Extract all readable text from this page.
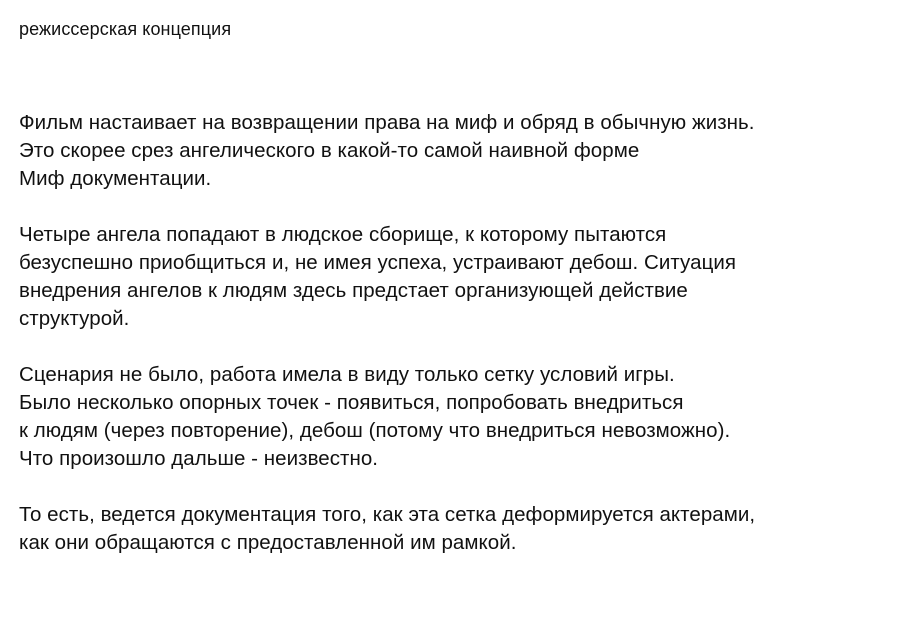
режиссерская концепция
Фильм настаивает на возвращении права на миф и обряд в обычную жизнь.
Это скорее срез ангелического в какой-то самой наивной форме
Миф документации.
Четыре ангела попадают в людское сборище, к которому пытаются
безуспешно приобщиться и, не имея успеха, устраивают дебош. Ситуация
внедрения ангелов к людям здесь предстает организующей действие
структурой.
Сценария не было, работа имела в виду только сетку условий игры.
Было несколько опорных точек - появиться, попробовать внедриться
к людям (через повторение), дебош (потому что внедриться невозможно).
Что произошло дальше - неизвестно.
То есть, ведется документация того, как эта сетка деформируется актерами,
как они обращаются с предоставленной им рамкой.
